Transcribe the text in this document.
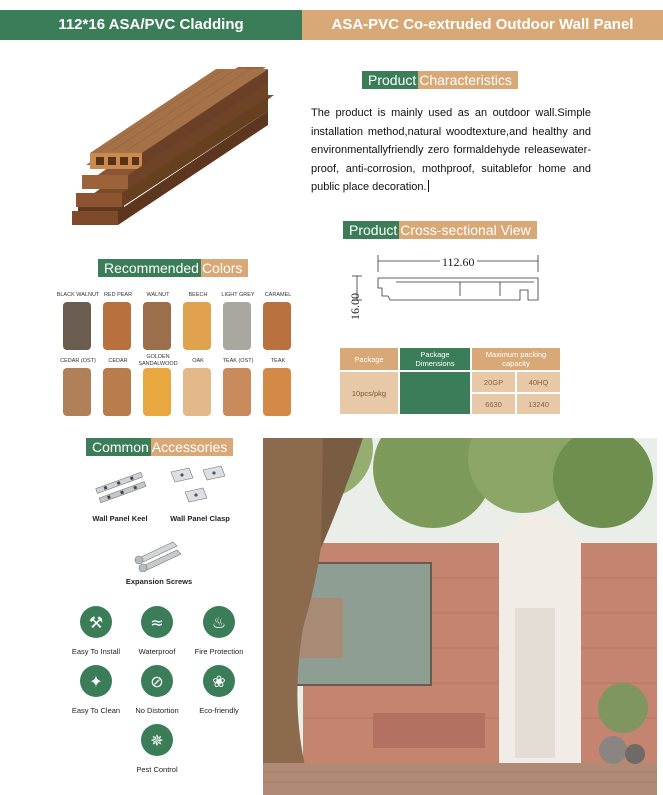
112*16 ASA/PVC Cladding	ASA-PVC Co-extruded Outdoor Wall Panel
Product Characteristics
The product is mainly used as an outdoor wall.Simple installation method,natural woodtexture,and healthy and environmentallyfriendly zero formaldehyde releasewater-proof, anti-corrosion, mothproof, suitablefor home and public place decoration.
Product Cross-sectional View
112.60
16.00
Package	Package Dimensions	Maximum packing capacity	
10pcs/pkg		20GP	40HQ
		6630	13240
Recommended Colors
BLACK WALNUT RED PEAR	WALNUT	BEECH	LIGHT GREY	CARAMEL
CEDAR (OST)	CEDAR
GOLDEN SANDALWOOD	OAK	TEAK (OST)	TEAK
Common Accessories
Wall Panel Keel	Wall Panel Clasp
Expansion Screws
⚒
Easy To Install
≈
Waterproof
♨
Fire Protection
✦
Easy To Clean
⊘
No Distortion
❀
Eco-friendly
✵
Pest Control
